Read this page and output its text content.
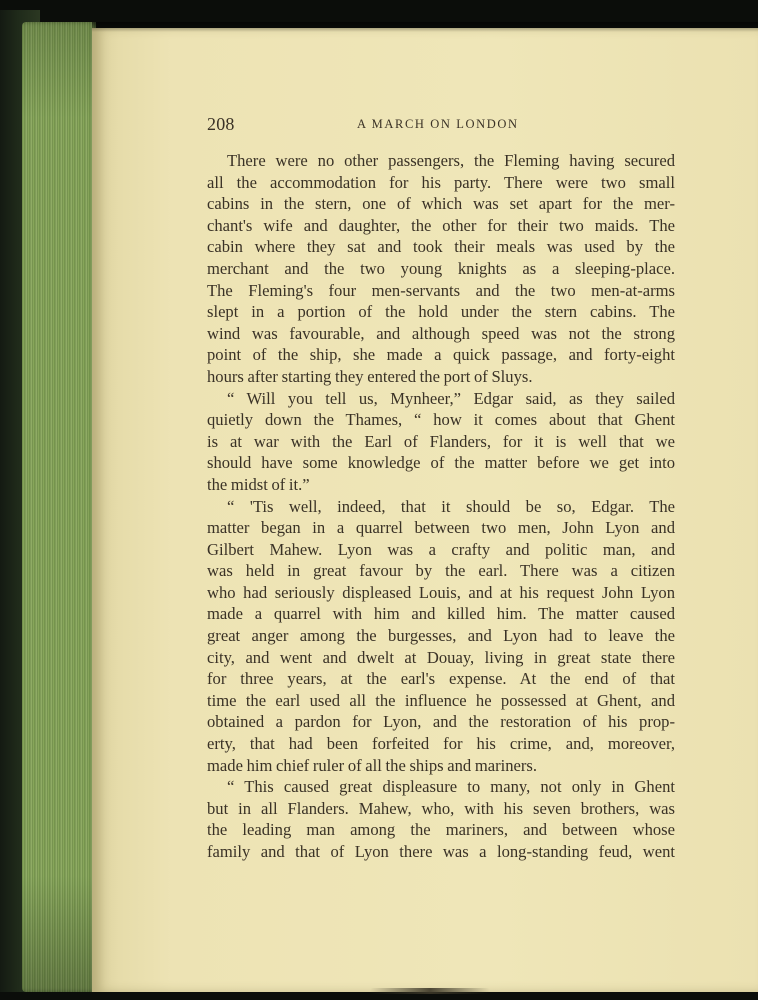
208	A MARCH ON LONDON
There were no other passengers, the Fleming having secured
all the accommodation for his party. There were two small
cabins in the stern, one of which was set apart for the mer-
chant's wife and daughter, the other for their two maids. The
cabin where they sat and took their meals was used by the
merchant and the two young knights as a sleeping-place.
The Fleming's four men-servants and the two men-at-arms
slept in a portion of the hold under the stern cabins. The
wind was favourable, and although speed was not the strong
point of the ship, she made a quick passage, and forty-eight
hours after starting they entered the port of Sluys.
“ Will you tell us, Mynheer,” Edgar said, as they sailed
quietly down the Thames, “ how it comes about that Ghent
is at war with the Earl of Flanders, for it is well that we
should have some knowledge of the matter before we get into
the midst of it.”
“ 'Tis well, indeed, that it should be so, Edgar. The
matter began in a quarrel between two men, John Lyon and
Gilbert Mahew. Lyon was a crafty and politic man, and
was held in great favour by the earl. There was a citizen
who had seriously displeased Louis, and at his request John Lyon
made a quarrel with him and killed him. The matter caused
great anger among the burgesses, and Lyon had to leave the
city, and went and dwelt at Douay, living in great state there
for three years, at the earl's expense. At the end of that
time the earl used all the influence he possessed at Ghent, and
obtained a pardon for Lyon, and the restoration of his prop-
erty, that had been forfeited for his crime, and, moreover,
made him chief ruler of all the ships and mariners.
“ This caused great displeasure to many, not only in Ghent
but in all Flanders. Mahew, who, with his seven brothers, was
the leading man among the mariners, and between whose
family and that of Lyon there was a long-standing feud, went
